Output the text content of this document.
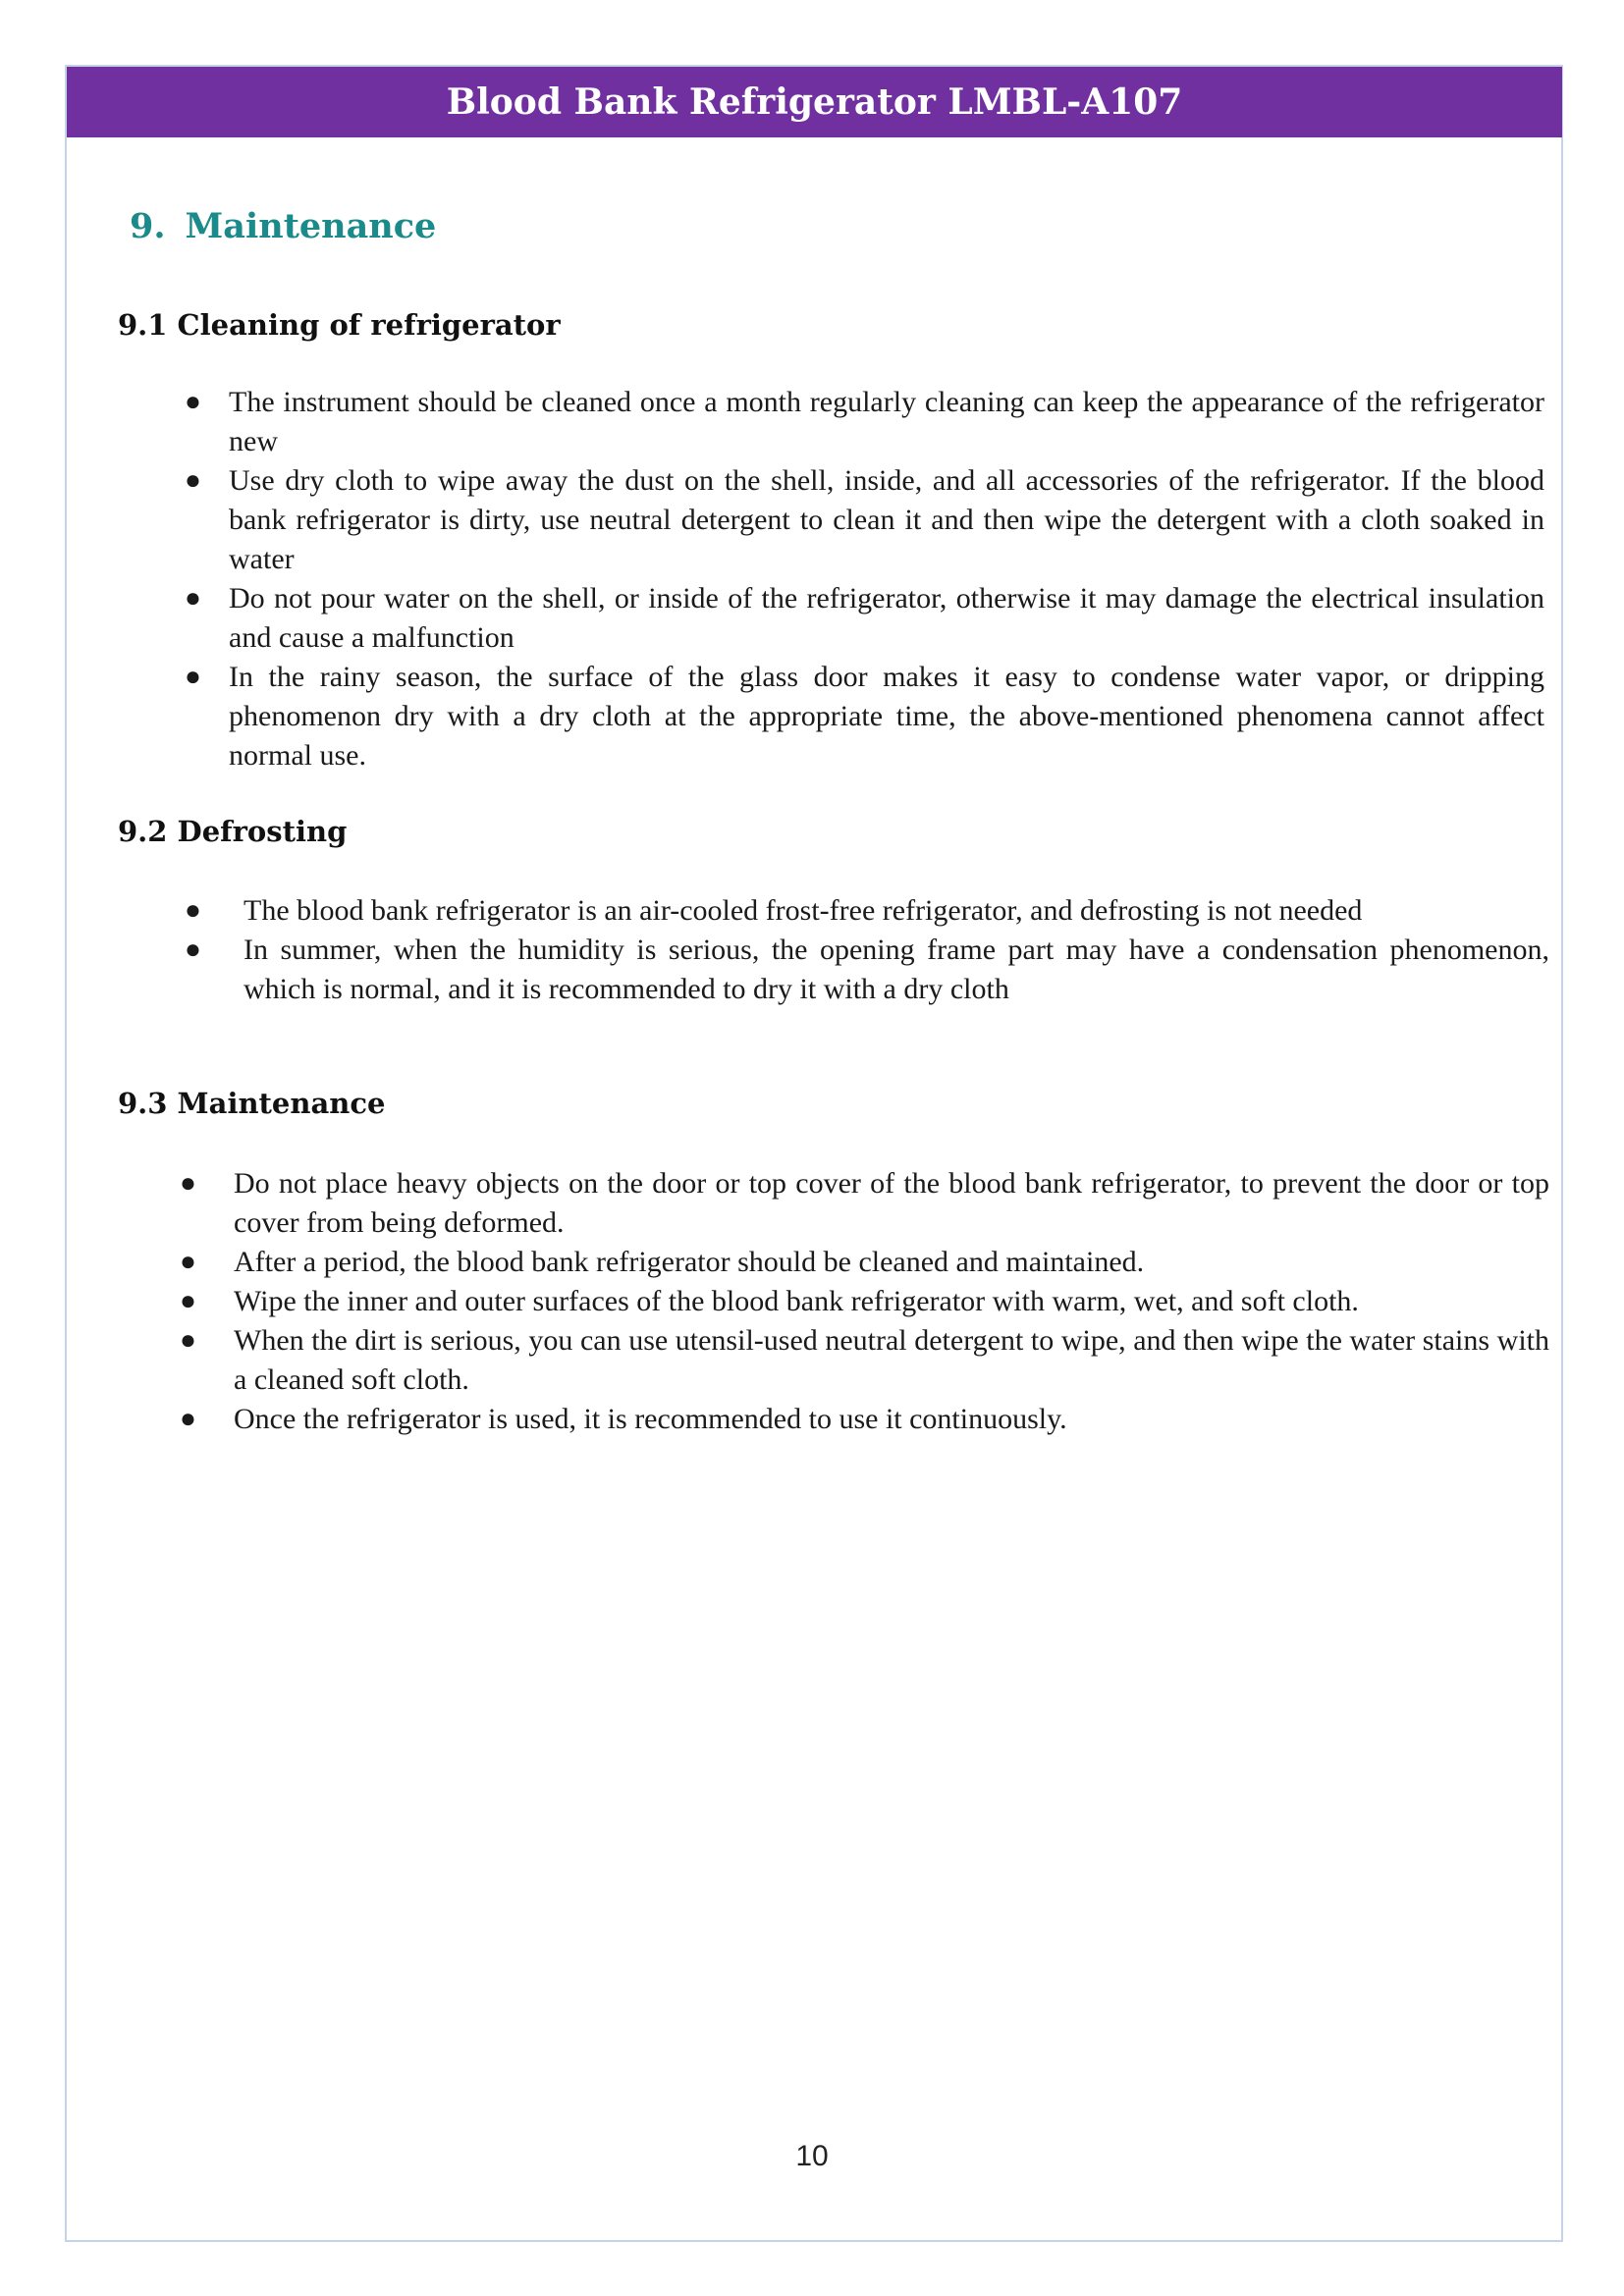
Blood Bank Refrigerator LMBL-A107
9. Maintenance
9.1 Cleaning of refrigerator
● The instrument should be cleaned once a month regularly cleaning can keep the appearance of the refrigerator new
● Use dry cloth to wipe away the dust on the shell, inside, and all accessories of the refrigerator. If the blood bank refrigerator is dirty, use neutral detergent to clean it and then wipe the detergent with a cloth soaked in water
● Do not pour water on the shell, or inside of the refrigerator, otherwise it may damage the electrical insulation and cause a malfunction
● In the rainy season, the surface of the glass door makes it easy to condense water vapor, or dripping phenomenon dry with a dry cloth at the appropriate time, the above-mentioned phenomena cannot affect normal use.
9.2 Defrosting
● The blood bank refrigerator is an air-cooled frost-free refrigerator, and defrosting is not needed
● In summer, when the humidity is serious, the opening frame part may have a condensation phenomenon, which is normal, and it is recommended to dry it with a dry cloth
9.3 Maintenance
● Do not place heavy objects on the door or top cover of the blood bank refrigerator, to prevent the door or top cover from being deformed.
● After a period, the blood bank refrigerator should be cleaned and maintained.
● Wipe the inner and outer surfaces of the blood bank refrigerator with warm, wet, and soft cloth.
● When the dirt is serious, you can use utensil-used neutral detergent to wipe, and then wipe the water stains with a cleaned soft cloth.
● Once the refrigerator is used, it is recommended to use it continuously.
10
